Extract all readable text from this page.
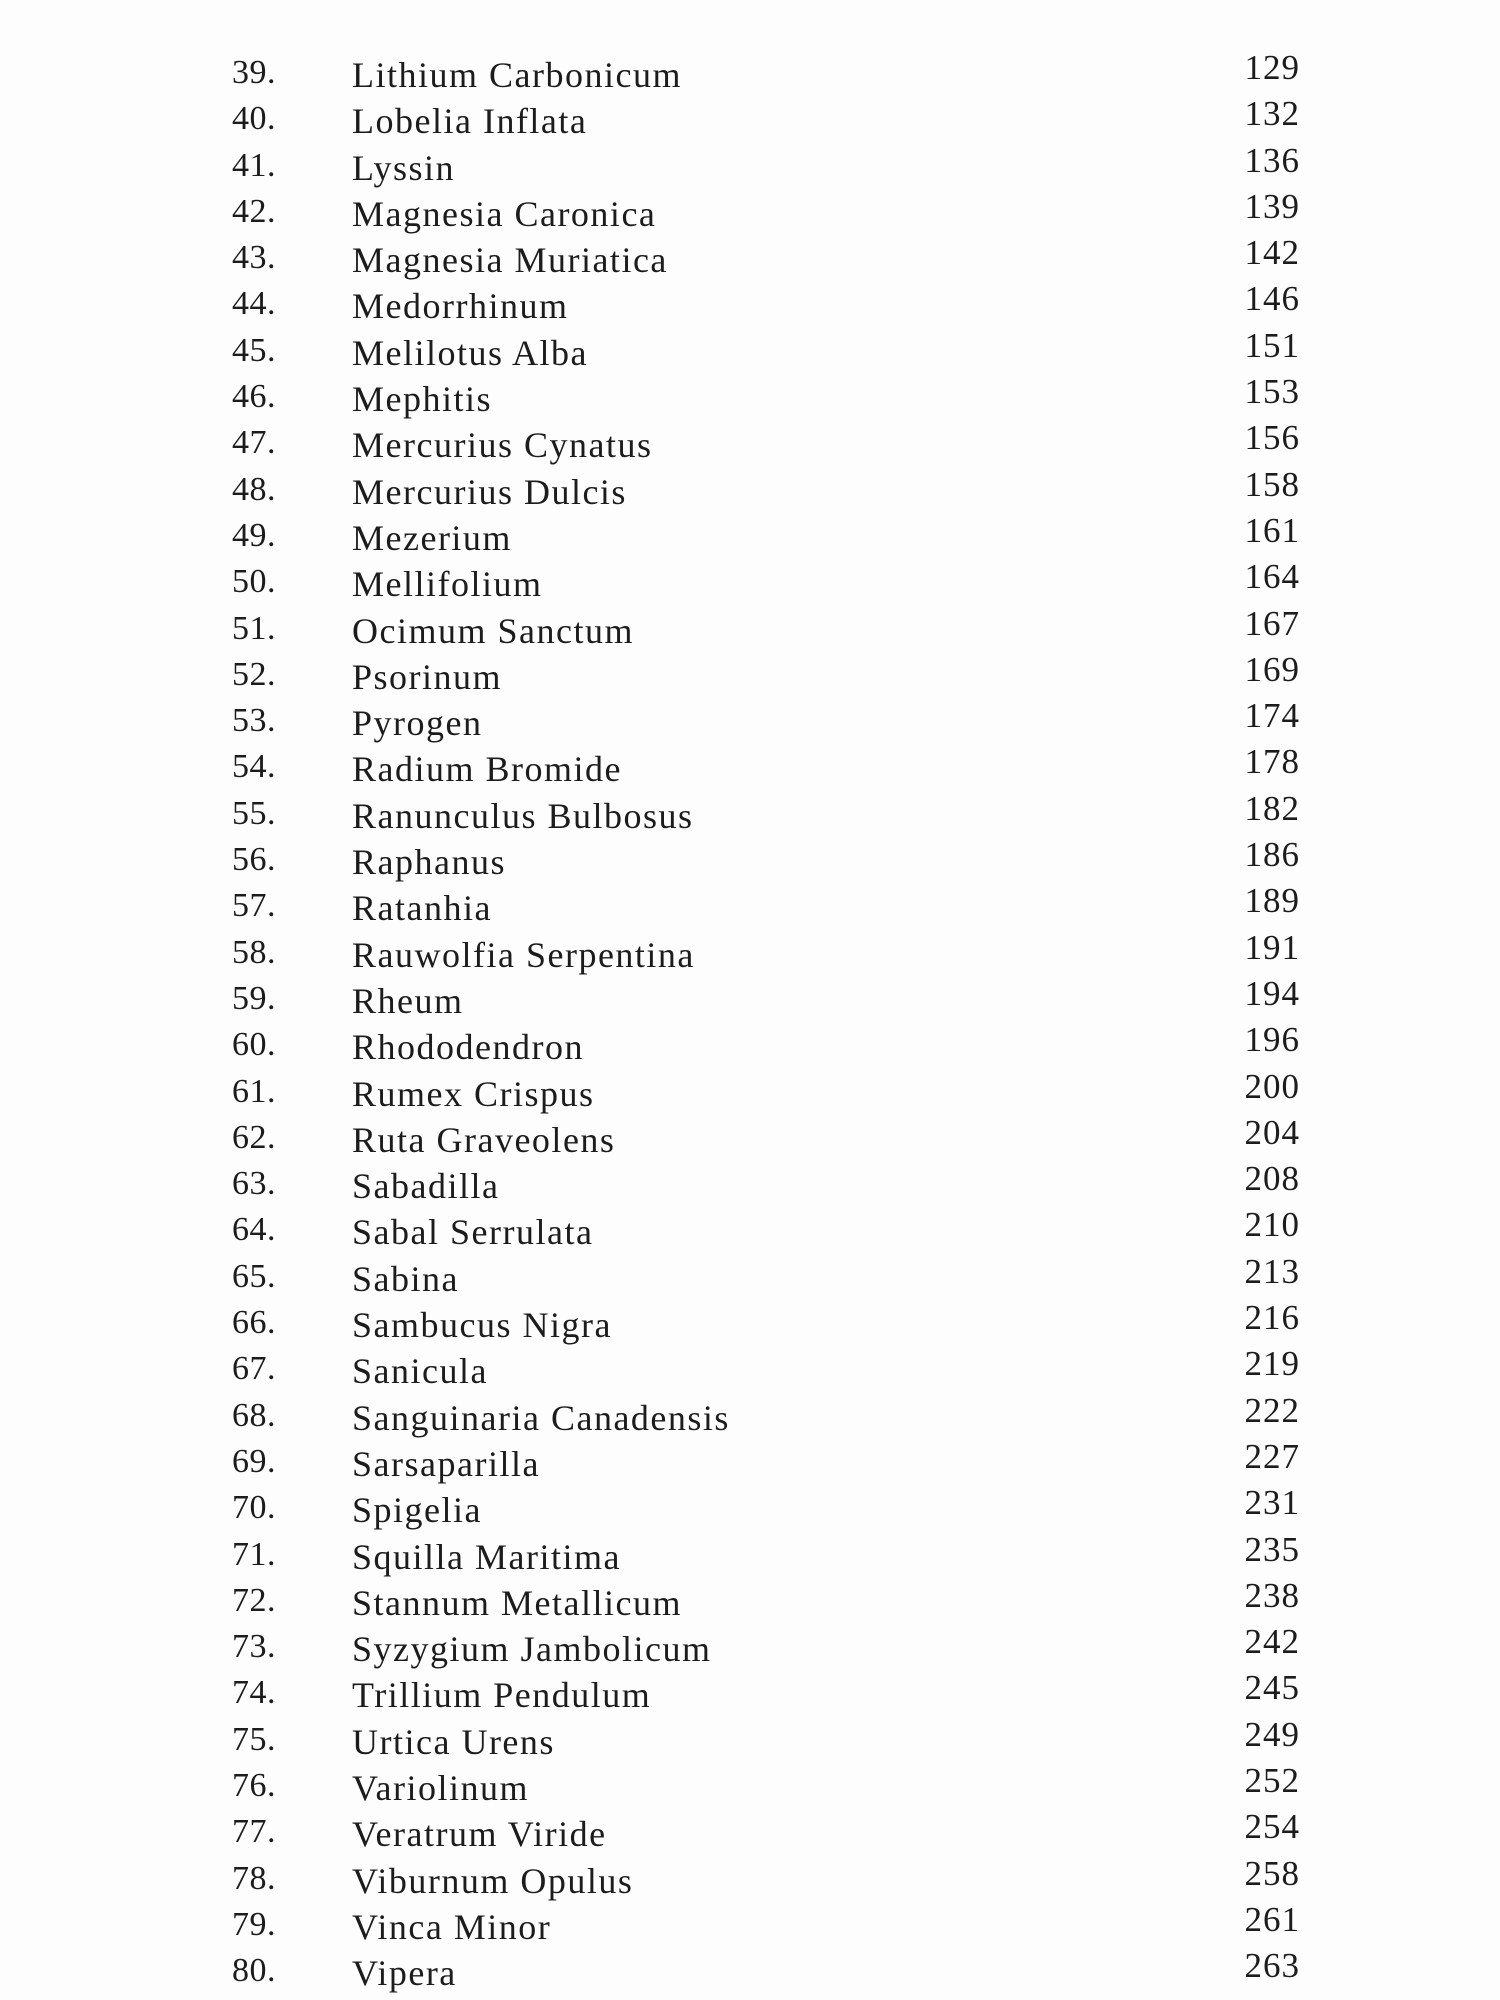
39. Lithium Carbonicum	129
40. Lobelia Inflata	132
41. Lyssin	136
42. Magnesia Caronica	139
43. Magnesia Muriatica	142
44. Medorrhinum	146
45. Melilotus Alba	151
46. Mephitis	153
47. Mercurius Cynatus	156
48. Mercurius Dulcis	158
49. Mezerium	161
50. Mellifolium	164
51. Ocimum Sanctum	167
52. Psorinum	169
53. Pyrogen	174
54. Radium Bromide	178
55. Ranunculus Bulbosus	182
56. Raphanus	186
57. Ratanhia	189
58. Rauwolfia Serpentina	191
59. Rheum	194
60. Rhododendron	196
61. Rumex Crispus	200
62. Ruta Graveolens	204
63. Sabadilla	208
64. Sabal Serrulata	210
65. Sabina	213
66. Sambucus Nigra	216
67. Sanicula	219
68. Sanguinaria Canadensis	222
69. Sarsaparilla	227
70. Spigelia	231
71. Squilla Maritima	235
72. Stannum Metallicum	238
73. Syzygium Jambolicum	242
74. Trillium Pendulum	245
75. Urtica Urens	249
76. Variolinum	252
77. Veratrum Viride	254
78. Viburnum Opulus	258
79. Vinca Minor	261
80. Vipera	263
